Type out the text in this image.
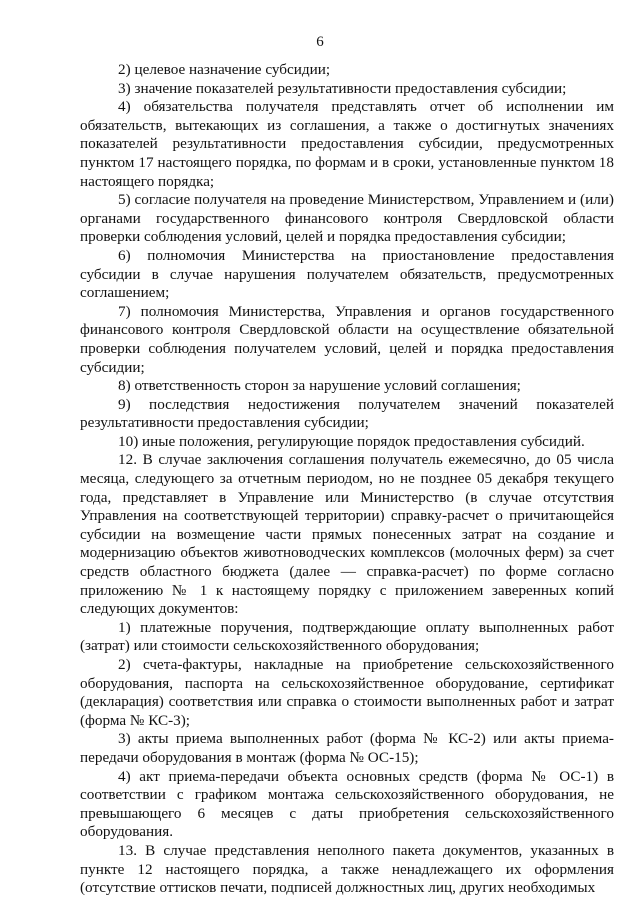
6

2) целевое назначение субсидии;

3) значение показателей результативности предоставления субсидии;

4) обязательства получателя представлять отчет об исполнении им обязательств, вытекающих из соглашения, а также о достигнутых значениях показателей результативности предоставления субсидии, предусмотренных пунктом 17 настоящего порядка, по формам и в сроки, установленные пунктом 18 настоящего порядка;

5) согласие получателя на проведение Министерством, Управлением и (или) органами государственного финансового контроля Свердловской области проверки соблюдения условий, целей и порядка предоставления субсидии;

6) полномочия Министерства на приостановление предоставления субсидии в случае нарушения получателем обязательств, предусмотренных соглашением;

7) полномочия Министерства, Управления и органов государственного финансового контроля Свердловской области на осуществление обязательной проверки соблюдения получателем условий, целей и порядка предоставления субсидии;

8) ответственность сторон за нарушение условий соглашения;

9) последствия недостижения получателем значений показателей результативности предоставления субсидии;

10) иные положения, регулирующие порядок предоставления субсидий.

12. В случае заключения соглашения получатель ежемесячно, до 05 числа месяца, следующего за отчетным периодом, но не позднее 05 декабря текущего года, представляет в Управление или Министерство (в случае отсутствия Управления на соответствующей территории) справку-расчет о причитающейся субсидии на возмещение части прямых понесенных затрат на создание и модернизацию объектов животноводческих комплексов (молочных ферм) за счет средств областного бюджета (далее — справка-расчет) по форме согласно приложению № 1 к настоящему порядку с приложением заверенных копий следующих документов:

1) платежные поручения, подтверждающие оплату выполненных работ (затрат) или стоимости сельскохозяйственного оборудования;

2) счета-фактуры, накладные на приобретение сельскохозяйственного оборудования, паспорта на сельскохозяйственное оборудование, сертификат (декларация) соответствия или справка о стоимости выполненных работ и затрат (форма № КС-3);

3) акты приема выполненных работ (форма № КС-2) или акты приема-передачи оборудования в монтаж (форма № ОС-15);

4) акт приема-передачи объекта основных средств (форма № ОС-1) в соответствии с графиком монтажа сельскохозяйственного оборудования, не превышающего 6 месяцев с даты приобретения сельскохозяйственного оборудования.

13. В случае представления неполного пакета документов, указанных в пункте 12 настоящего порядка, а также ненадлежащего их оформления (отсутствие оттисков печати, подписей должностных лиц, других необходимых
